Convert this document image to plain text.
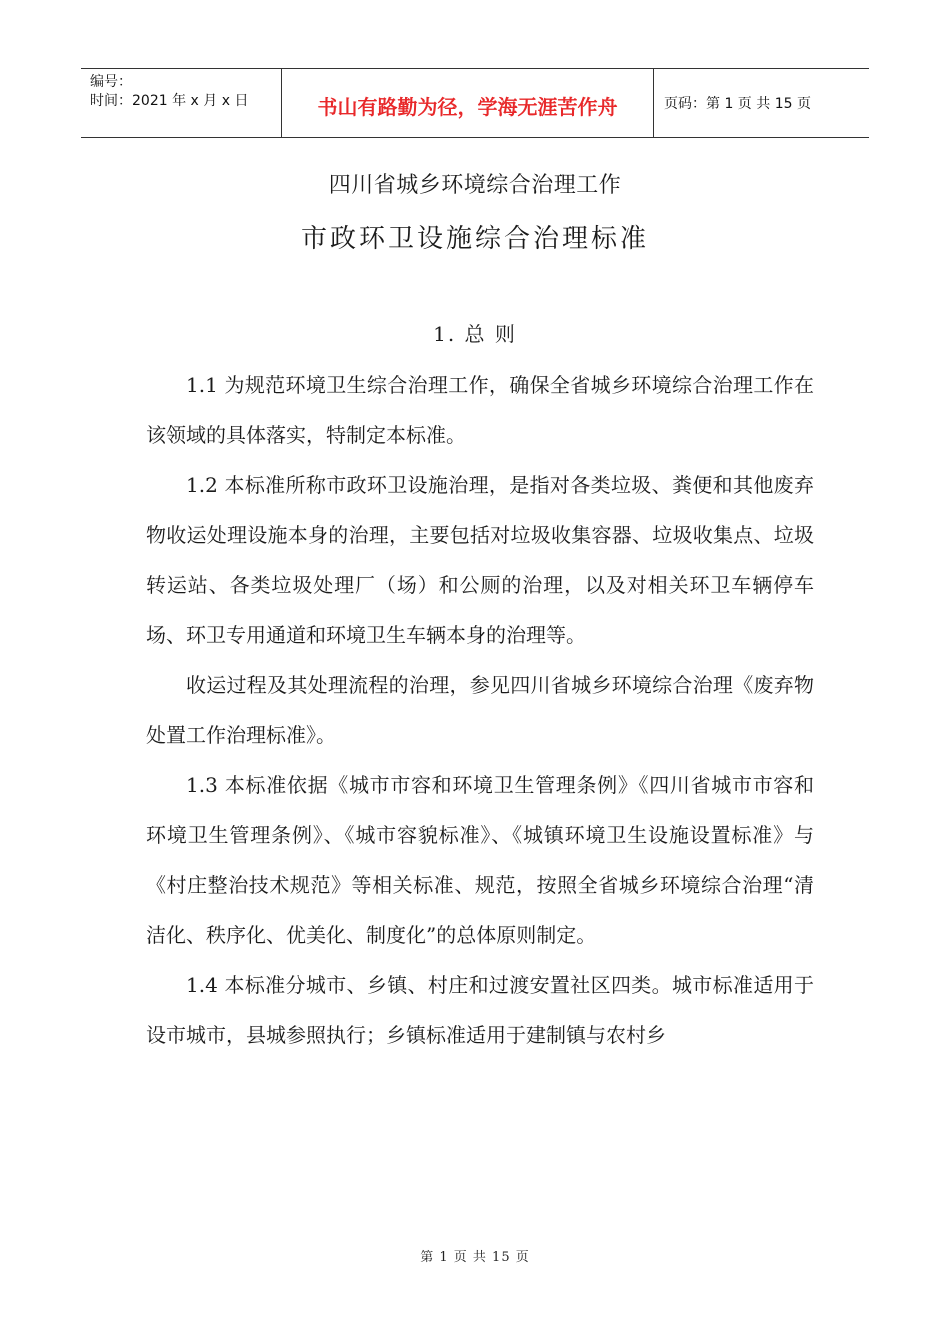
编号：
时间：2021 年 x 月 x 日	书山有路勤为径，学海无涯苦作舟	页码：第 1 页 共 15 页
四川省城乡环境综合治理工作
市政环卫设施综合治理标准
1. 总 则

1.1 为规范环境卫生综合治理工作，确保全省城乡环境综合治理工作在该领域的具体落实，特制定本标准。

1.2 本标准所称市政环卫设施治理，是指对各类垃圾、粪便和其他废弃物收运处理设施本身的治理，主要包括对垃圾收集容器、垃圾收集点、垃圾转运站、各类垃圾处理厂（场）和公厕的治理，以及对相关环卫车辆停车场、环卫专用通道和环境卫生车辆本身的治理等。

收运过程及其处理流程的治理，参见四川省城乡环境综合治理《废弃物处置工作治理标准》。

1.3 本标准依据《城市市容和环境卫生管理条例》《四川省城市市容和环境卫生管理条例》、《城市容貌标准》、《城镇环境卫生设施设置标准》与《村庄整治技术规范》等相关标准、规范，按照全省城乡环境综合治理“清洁化、秩序化、优美化、制度化”的总体原则制定。

1.4 本标准分城市、乡镇、村庄和过渡安置社区四类。城市标准适用于设市城市，县城参照执行；乡镇标准适用于建制镇与农村乡

第 1 页 共 15 页
